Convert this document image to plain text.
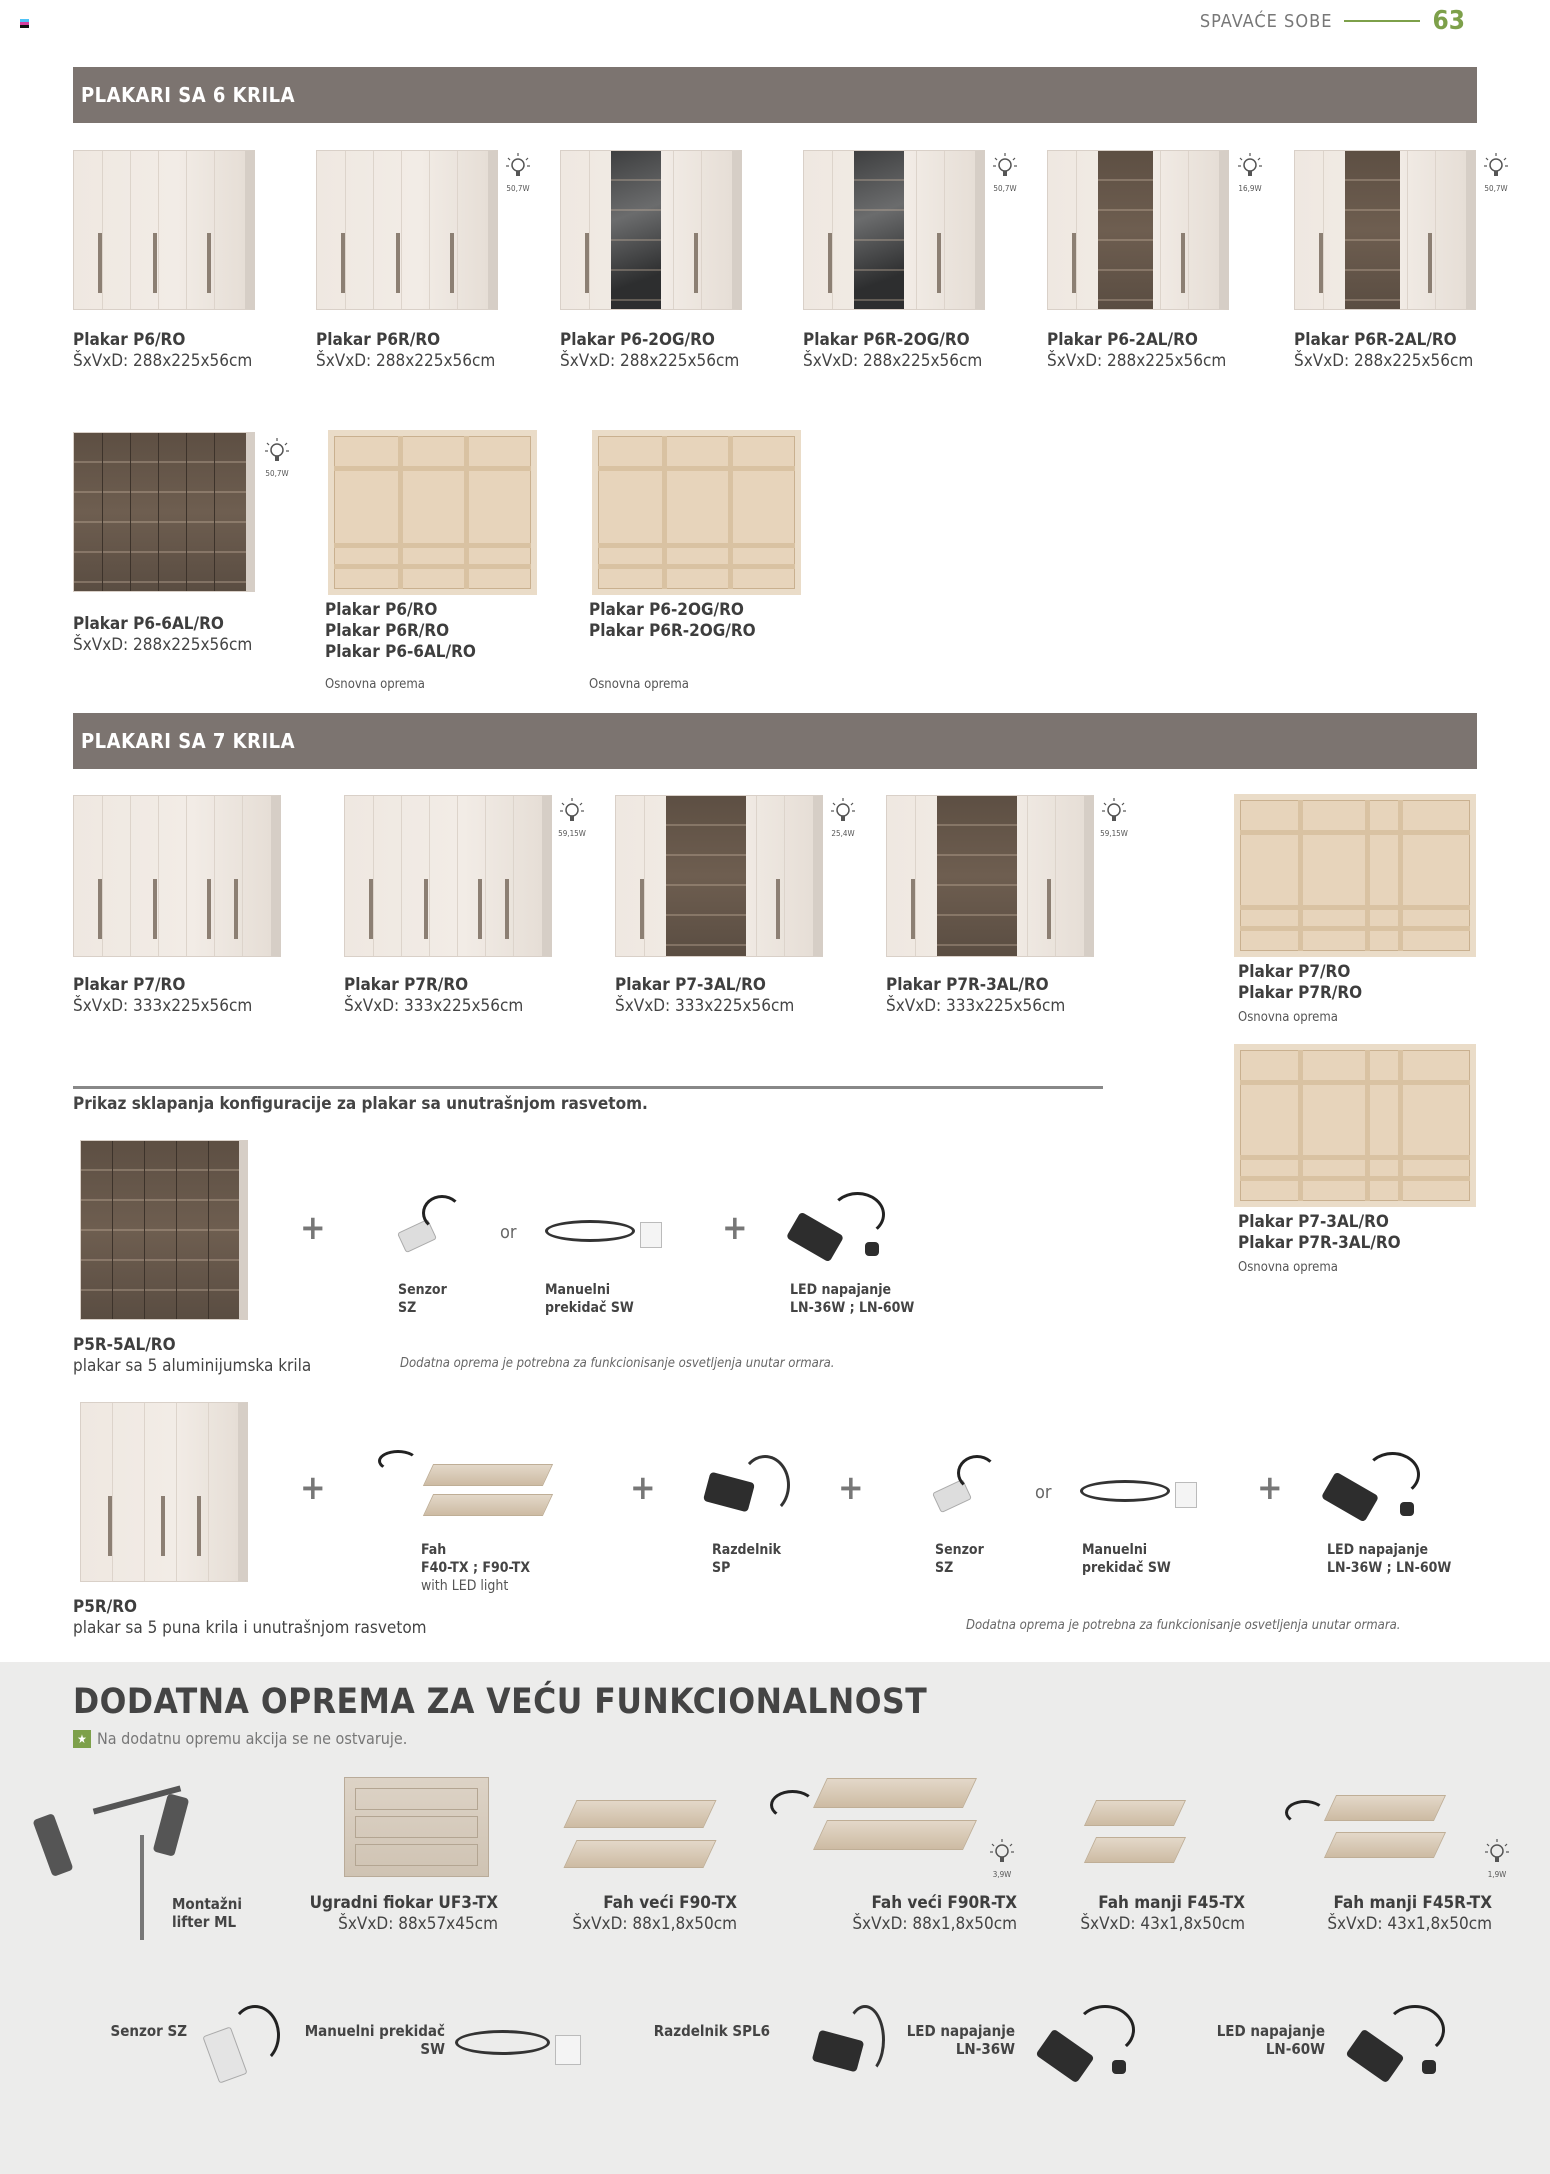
SPAVAĆE SOBE	63
PLAKARI SA 6 KRILA
Plakar P6/RO
ŠxVxD: 288x225x56cm
50,7W
Plakar P6R/RO
ŠxVxD: 288x225x56cm
Plakar P6-2OG/RO
ŠxVxD: 288x225x56cm
50,7W
Plakar P6R-2OG/RO
ŠxVxD: 288x225x56cm
16,9W
Plakar P6-2AL/RO
ŠxVxD: 288x225x56cm
50,7W
Plakar P6R-2AL/RO
ŠxVxD: 288x225x56cm
50,7W
Plakar P6-6AL/RO
ŠxVxD: 288x225x56cm
Plakar P6/RO
Plakar P6R/RO
Plakar P6-6AL/RO
Osnovna oprema
Plakar P6-2OG/RO
Plakar P6R-2OG/RO
Osnovna oprema
PLAKARI SA 7 KRILA
Plakar P7/RO
ŠxVxD: 333x225x56cm
59,15W
Plakar P7R/RO
ŠxVxD: 333x225x56cm
25,4W
Plakar P7-3AL/RO
ŠxVxD: 333x225x56cm
59,15W
Plakar P7R-3AL/RO
ŠxVxD: 333x225x56cm
Plakar P7/RO
Plakar P7R/RO
Osnovna oprema
Plakar P7-3AL/RO
Plakar P7R-3AL/RO
Osnovna oprema
Prikaz sklapanja konfiguracije za plakar sa unutrašnjom rasvetom.
+	or	+
Senzor
SZ
Manuelni
prekidač SW
LED napajanje
LN-36W ; LN-60W
P5R-5AL/RO
plakar sa 5 aluminijumska krila	Dodatna oprema je potrebna za funkcionisanje osvetljenja unutar ormara.
+	+	+	or	+
Fah
F40-TX ; F90-TX
with LED light
Razdelnik
SP
Senzor
SZ
Manuelni
prekidač SW
LED napajanje
LN-36W ; LN-60W
P5R/RO
plakar sa 5 puna krila i unutrašnjom rasvetom	Dodatna oprema je potrebna za funkcionisanje osvetljenja unutar ormara.
DODATNA OPREMA ZA VEĆU FUNKCIONALNOST
★ Na dodatnu opremu akcija se ne ostvaruje.
3,9W	1,9W
Montažni
lifter ML
Ugradni fiokar UF3-TX
ŠxVxD: 88x57x45cm
Fah veći F90-TX
ŠxVxD: 88x1,8x50cm
Fah veći F90R-TX
ŠxVxD: 88x1,8x50cm
Fah manji F45-TX
ŠxVxD: 43x1,8x50cm
Fah manji F45R-TX
ŠxVxD: 43x1,8x50cm
Senzor SZ	Manuelni prekidač
SW
Razdelnik SPL6	LED napajanje
LN-36W
LED napajanje
LN-60W
